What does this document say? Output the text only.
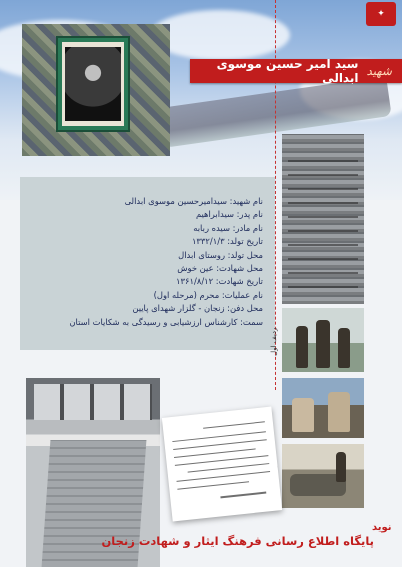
✦
شهید
سید امیر حسین موسوی ابدالی
نام شهید: سیدامیرحسین موسوی ابدالی
نام پدر: سیدابراهیم
نام مادر: سیده ربابه
تاریخ تولد: ۱۳۳۲/۱/۳
محل تولد: روستای ابدال
محل شهادت: عین خوش
تاریخ شهادت: ۱۳۶۱/۸/۱۲
نام عملیات: محرم (مرحله اول)
محل دفن: زنجان - گلزار شهدای پایین
سمت: کارشناس ارزشیابی و رسیدگی به شکایات استان
ردیف اول
پایگاه اطلاع رسانی فرهنگ ایثار و شهادت زنجان
نوید
